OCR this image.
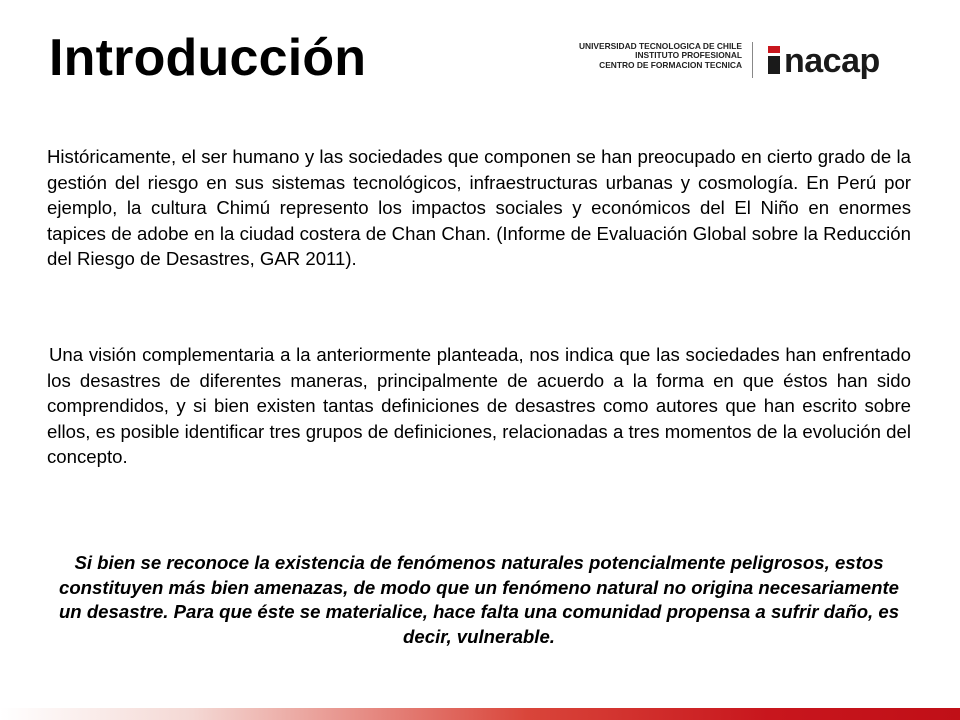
Introducción	UNIVERSIDAD TECNOLOGICA DE CHILE
INSTITUTO PROFESIONAL
CENTRO DE FORMACION TECNICA nacap

Históricamente, el ser humano y las sociedades que componen se han preocupado en cierto grado de la gestión del riesgo en sus sistemas tecnológicos, infraestructuras urbanas y cosmología. En Perú por ejemplo, la cultura Chimú represento los impactos sociales y económicos del El Niño en enormes tapices de adobe en la ciudad costera de Chan Chan. (Informe de Evaluación Global sobre la Reducción del Riesgo de Desastres, GAR 2011).

Una visión complementaria a la anteriormente planteada, nos indica que las sociedades han enfrentado los desastres de diferentes maneras, principalmente de acuerdo a la forma en que éstos han sido comprendidos, y si bien existen tantas definiciones de desastres como autores que han escrito sobre ellos, es posible identificar tres grupos de definiciones, relacionadas a tres momentos de la evolución del concepto.

Si bien se reconoce la existencia de fenómenos naturales potencialmente peligrosos, estos constituyen más bien amenazas, de modo que un fenómeno natural no origina necesariamente un desastre. Para que éste se materialice, hace falta una comunidad propensa a sufrir daño, es decir, vulnerable.
